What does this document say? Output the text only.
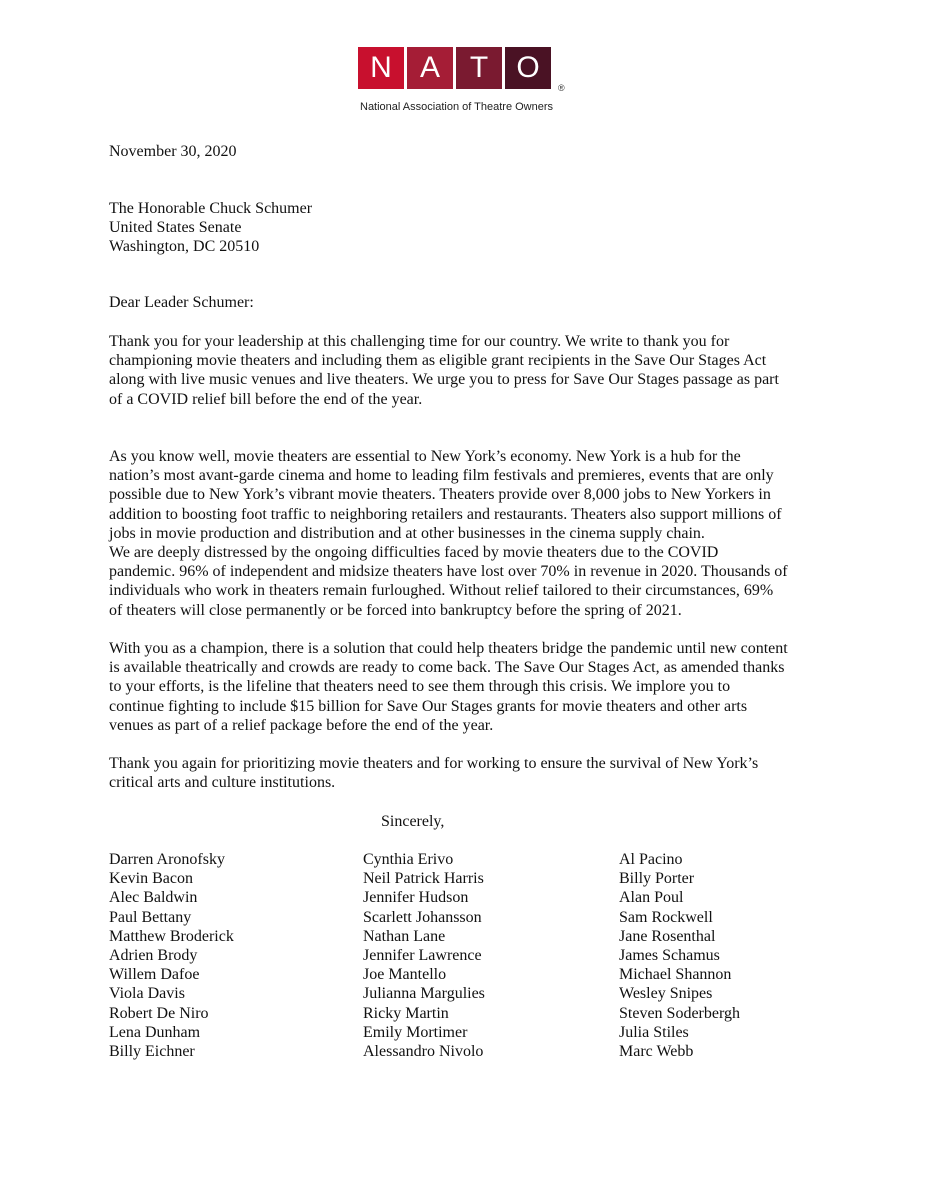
N A T O
®
National Association of Theatre Owners

November 30, 2020

The Honorable Chuck Schumer

United States Senate

Washington, DC 20510

Dear Leader Schumer:

Thank you for your leadership at this challenging time for our country. We write to thank you for
championing movie theaters and including them as eligible grant recipients in the Save Our Stages Act
along with live music venues and live theaters. We urge you to press for Save Our Stages passage as part
of a COVID relief bill before the end of the year.
As you know well, movie theaters are essential to New York’s economy. New York is a hub for the
nation’s most avant-garde cinema and home to leading film festivals and premieres, events that are only
possible due to New York’s vibrant movie theaters. Theaters provide over 8,000 jobs to New Yorkers in
addition to boosting foot traffic to neighboring retailers and restaurants. Theaters also support millions of
jobs in movie production and distribution and at other businesses in the cinema supply chain.
We are deeply distressed by the ongoing difficulties faced by movie theaters due to the COVID
pandemic. 96% of independent and midsize theaters have lost over 70% in revenue in 2020. Thousands of
individuals who work in theaters remain furloughed. Without relief tailored to their circumstances, 69%
of theaters will close permanently or be forced into bankruptcy before the spring of 2021.
With you as a champion, there is a solution that could help theaters bridge the pandemic until new content
is available theatrically and crowds are ready to come back. The Save Our Stages Act, as amended thanks
to your efforts, is the lifeline that theaters need to see them through this crisis. We implore you to
continue fighting to include $15 billion for Save Our Stages grants for movie theaters and other arts
venues as part of a relief package before the end of the year.
Thank you again for prioritizing movie theaters and for working to ensure the survival of New York’s
critical arts and culture institutions.

Sincerely,

Darren Aronofsky
Kevin Bacon
Alec Baldwin
Paul Bettany
Matthew Broderick
Adrien Brody
Willem Dafoe
Viola Davis
Robert De Niro
Lena Dunham
Billy Eichner
Cynthia Erivo
Neil Patrick Harris
Jennifer Hudson
Scarlett Johansson
Nathan Lane
Jennifer Lawrence
Joe Mantello
Julianna Margulies
Ricky Martin
Emily Mortimer
Alessandro Nivolo
Al Pacino
Billy Porter
Alan Poul
Sam Rockwell
Jane Rosenthal
James Schamus
Michael Shannon
Wesley Snipes
Steven Soderbergh
Julia Stiles
Marc Webb
